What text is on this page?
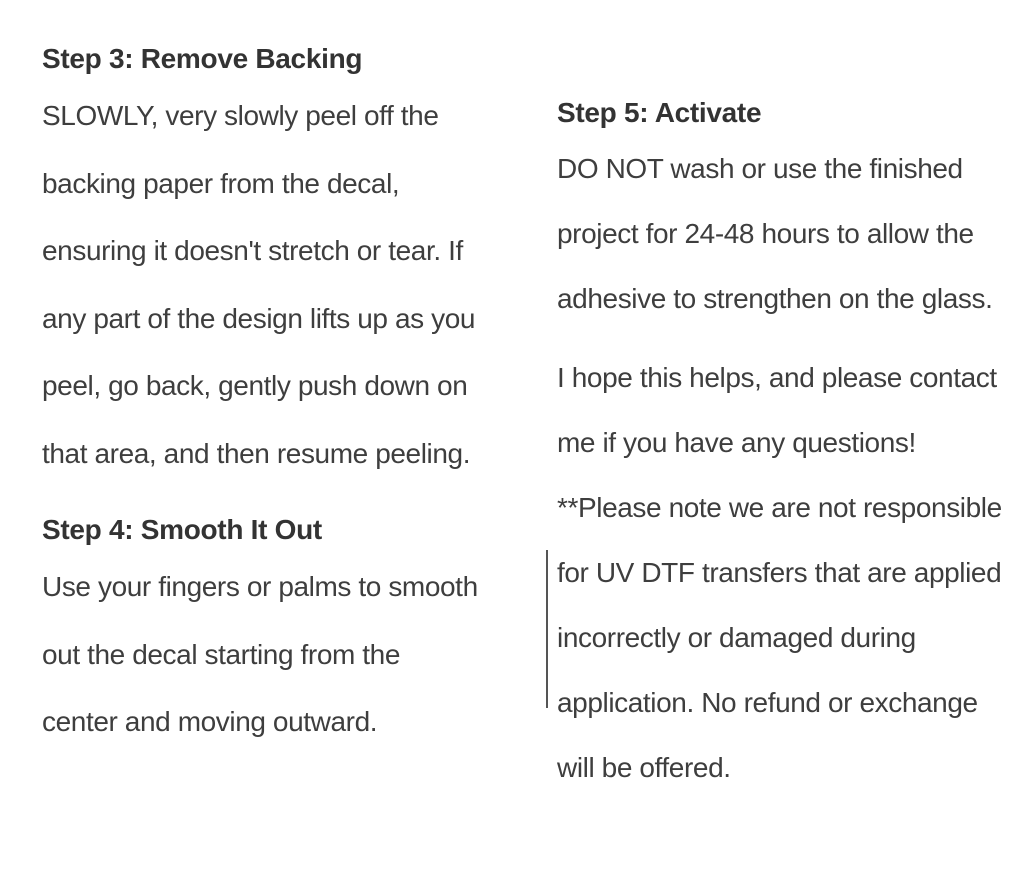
Step 3: Remove Backing

SLOWLY, very slowly peel off the

backing paper from the decal,

ensuring it doesn't stretch or tear. If

any part of the design lifts up as you

peel, go back, gently push down on

that area, and then resume peeling.

Step 4: Smooth It Out

Use your fingers or palms to smooth

out the decal starting from the

center and moving outward.

Step 5: Activate

DO NOT wash or use the finished

project for 24-48 hours to allow the

adhesive to strengthen on the glass.

I hope this helps, and please contact

me if you have any questions!

**Please note we are not responsible

for UV DTF transfers that are applied

incorrectly or damaged during

application. No refund or exchange

will be offered.
